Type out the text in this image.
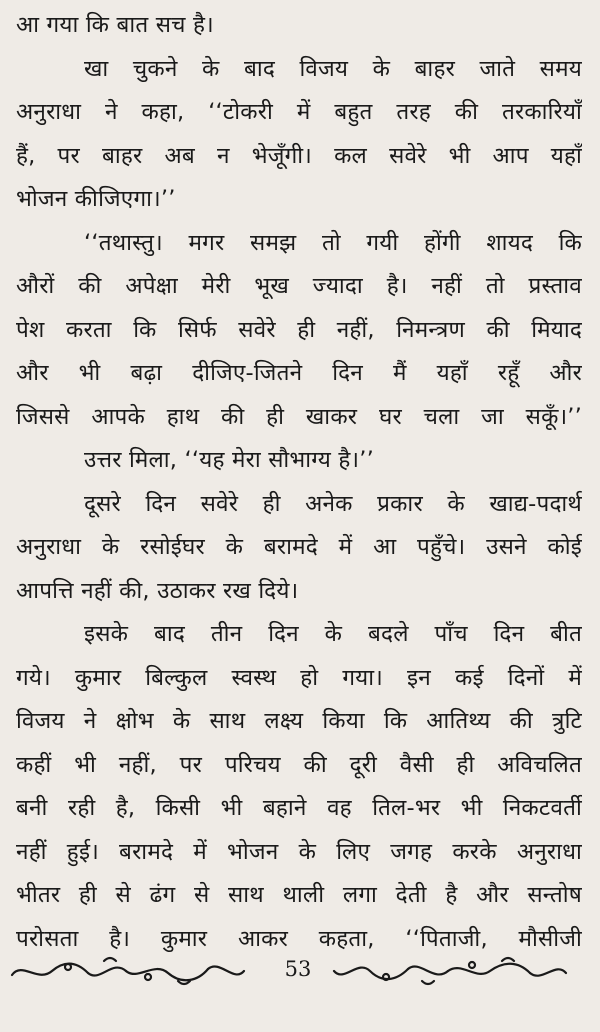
आ गया कि बात सच है।
खा चुकने के बाद विजय के बाहर जाते समय
अनुराधा ने कहा, ‘‘टोकरी में बहुत तरह की तरकारियाँ
हैं, पर बाहर अब न भेजूँगी। कल सवेरे भी आप यहाँ
भोजन कीजिएगा।’’
‘‘तथास्तु। मगर समझ तो गयी होंगी शायद कि
औरों की अपेक्षा मेरी भूख ज्यादा है। नहीं तो प्रस्ताव
पेश करता कि सिर्फ सवेरे ही नहीं, निमन्त्रण की मियाद
और भी बढ़ा दीजिए-जितने दिन मैं यहाँ रहूँ और
जिससे आपके हाथ की ही खाकर घर चला जा सकूँ।’’
उत्तर मिला, ‘‘यह मेरा सौभाग्य है।’’
दूसरे दिन सवेरे ही अनेक प्रकार के खाद्य-पदार्थ
अनुराधा के रसोईघर के बरामदे में आ पहुँचे। उसने कोई
आपत्ति नहीं की, उठाकर रख दिये।
इसके बाद तीन दिन के बदले पाँच दिन बीत
गये। कुमार बिल्कुल स्वस्थ हो गया। इन कई दिनों में
विजय ने क्षोभ के साथ लक्ष्य किया कि आतिथ्य की त्रुटि
कहीं भी नहीं, पर परिचय की दूरी वैसी ही अविचलित
बनी रही है, किसी भी बहाने वह तिल-भर भी निकटवर्ती
नहीं हुई। बरामदे में भोजन के लिए जगह करके अनुराधा
भीतर ही से ढंग से साथ थाली लगा देती है और सन्तोष
परोसता है। कुमार आकर कहता, ‘‘पिताजी, मौसीजी
53
